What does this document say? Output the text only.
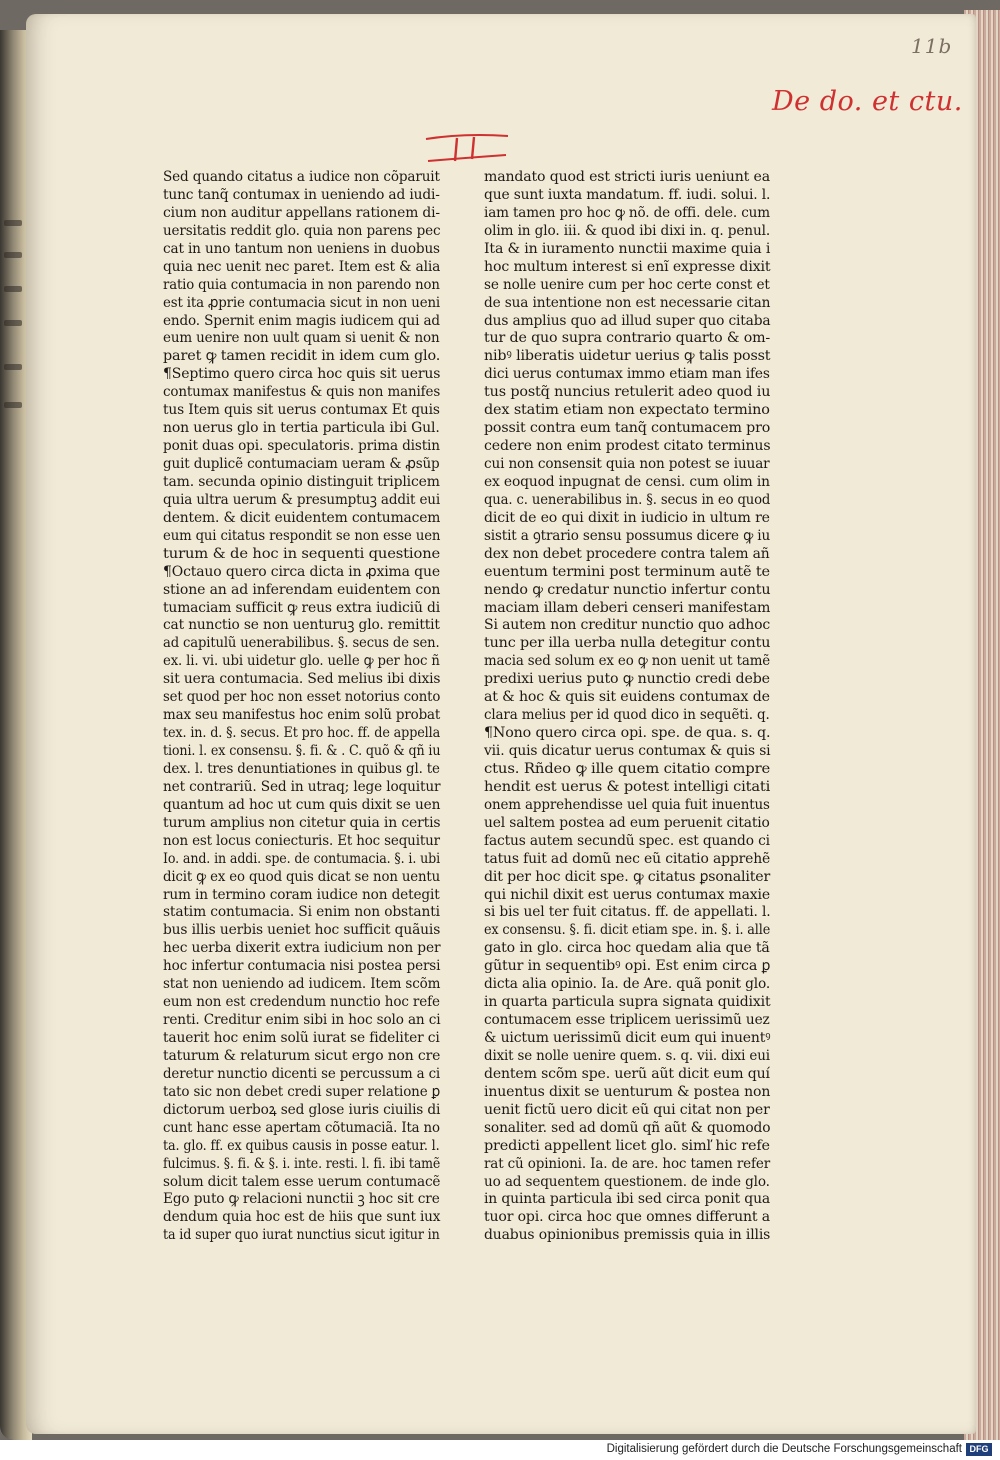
11b
De do. et ctu.
Sed quando citatus a iudice non cõparuit
tunc tanq̃ contumax in ueniendo ad iudi-
cium non auditur appellans rationem di-
uersitatis reddit glo. quia non parens pec
cat in uno tantum non ueniens in duobus
quia nec uenit nec paret. Item est & alia
ratio quia contumacia in non parendo non
est ita ꝓprie contumacia sicut in non ueni
endo. Spernit enim magis iudicem qui ad
eum uenire non uult quam si uenit & non
paret ꝙ tamen recidit in idem cum glo.
¶Septimo quero circa hoc quis sit uerus
contumax manifestus & quis non manifes
tus Item quis sit uerus contumax Et quis
non uerus glo in tertia particula ibi Gul.
ponit duas opi. speculatoris. prima distin
guit duplicẽ contumaciam ueram & ꝓsũp
tam. secunda opinio distinguit triplicem
quia ultra uerum & presumptuꝫ addit eui
dentem. & dicit euidentem contumacem
eum qui citatus respondit se non esse uen
turum & de hoc in sequenti questione
¶Octauo quero circa dicta in ꝓxima que
stione an ad inferendam euidentem con
tumaciam sufficit ꝙ reus extra iudiciũ di
cat nunctio se non uenturuꝫ glo. remittit
ad capitulũ uenerabilibus. §. secus de sen.
ex. li. vi. ubi uidetur glo. uelle ꝙ per hoc ñ
sit uera contumacia. Sed melius ibi dixis
set quod per hoc non esset notorius conto
max seu manifestus hoc enim solũ probat
tex. in. d. §. secus. Et pro hoc. ff. de appella
tioni. l. ex consensu. §. fi. & . C. quõ & qñ iu
dex. l. tres denuntiationes in quibus gl. te
net contrariũ. Sed in utraq; lege loquitur
quantum ad hoc ut cum quis dixit se uen
turum amplius non citetur quia in certis
non est locus coniecturis. Et hoc sequitur
Io. and. in addi. spe. de contumacia. §. i. ubi
dicit ꝙ ex eo quod quis dicat se non uentu
rum in termino coram iudice non detegit
statim contumacia. Si enim non obstanti
bus illis uerbis ueniet hoc sufficit quãuis
hec uerba dixerit extra iudicium non per
hoc infertur contumacia nisi postea persi
stat non ueniendo ad iudicem. Item scõm
eum non est credendum nunctio hoc refe
renti. Creditur enim sibi in hoc solo an ci
tauerit hoc enim solũ iurat se fideliter ci
taturum & relaturum sicut ergo non cre
deretur nunctio dicenti se percussum a ci
tato sic non debet credi super relatione ꝑ
dictorum uerboꝝ sed glose iuris ciuilis di
cunt hanc esse apertam cõtumaciã. Ita no
ta. glo. ff. ex quibus causis in posse eatur. l.
fulcimus. §. fi. & §. i. inte. resti. l. fi. ibi tamẽ
solum dicit talem esse uerum contumacẽ
Ego puto ꝙ relacioni nunctii ꝫ hoc sit cre
dendum quia hoc est de hiis que sunt iux
ta id super quo iurat nunctius sicut igitur in
mandato quod est stricti iuris ueniunt ea
que sunt iuxta mandatum. ff. iudi. solui. l.
iam tamen pro hoc ꝙ nõ. de offi. dele. cum
olim in glo. iii. & quod ibi dixi in. q. penul.
Ita & in iuramento nunctii maxime quia i
hoc multum interest si enĩ expresse dixit
se nolle uenire cum per hoc certe const et
de sua intentione non est necessarie citan
dus amplius quo ad illud super quo citaba
tur de quo supra contrario quarto & om-
nibꝰ liberatis uidetur uerius ꝙ talis posst
dici uerus contumax immo etiam man ifes
tus postq̃ nuncius retulerit adeo quod iu
dex statim etiam non expectato termino
possit contra eum tanq̃ contumacem pro
cedere non enim prodest citato terminus
cui non consensit quia non potest se iuuar
ex eoquod inpugnat de censi. cum olim in
qua. c. uenerabilibus in. §. secus in eo quod
dicit de eo qui dixit in iudicio in ultum re
sistit a ꝯtrario sensu possumus dicere ꝙ iu
dex non debet procedere contra talem añ
euentum termini post terminum autẽ te
nendo ꝙ credatur nunctio infertur contu
maciam illam deberi censeri manifestam
Si autem non creditur nunctio quo adhoc
tunc per illa uerba nulla detegitur contu
macia sed solum ex eo ꝙ non uenit ut tamẽ
predixi uerius puto ꝙ nunctio credi debe
at & hoc & quis sit euidens contumax de
clara melius per id quod dico in sequẽti. q.
¶Nono quero circa opi. spe. de qua. s. q.
vii. quis dicatur uerus contumax & quis si
ctus. Rñdeo ꝙ ille quem citatio compre
hendit est uerus & potest intelligi citati
onem apprehendisse uel quia fuit inuentus
uel saltem postea ad eum peruenit citatio
factus autem secundũ spec. est quando ci
tatus fuit ad domũ nec eũ citatio apprehẽ
dit per hoc dicit spe. ꝙ citatus ꝑsonaliter
qui nichil dixit est uerus contumax maxie
si bis uel ter fuit citatus. ff. de appellati. l.
ex consensu. §. fi. dicit etiam spe. in. §. i. alle
gato in glo. circa hoc quedam alia que tã
gũtur in sequentibꝰ opi. Est enim circa ꝑ
dicta alia opinio. Ia. de Are. quã ponit glo.
in quarta particula supra signata quidixit
contumacem esse triplicem uerissimũ uez
& uictum uerissimũ dicit eum qui inuentꝰ
dixit se nolle uenire quem. s. q. vii. dixi eui
dentem scõm spe. uerũ aũt dicit eum quí
inuentus dixit se uenturum & postea non
uenit fictũ uero dicit eũ qui citat non per
sonaliter. sed ad domũ qñ aũt & quomodo
predicti appellent licet glo. simľ hic refe
rat cũ opinioni. Ia. de are. hoc tamen refer
uo ad sequentem questionem. de inde glo.
in quinta particula ibi sed circa ponit qua
tuor opi. circa hoc que omnes differunt a
duabus opinionibus premissis quia in illis
Digitalisierung gefördert durch die Deutsche Forschungsgemeinschaft DFG
